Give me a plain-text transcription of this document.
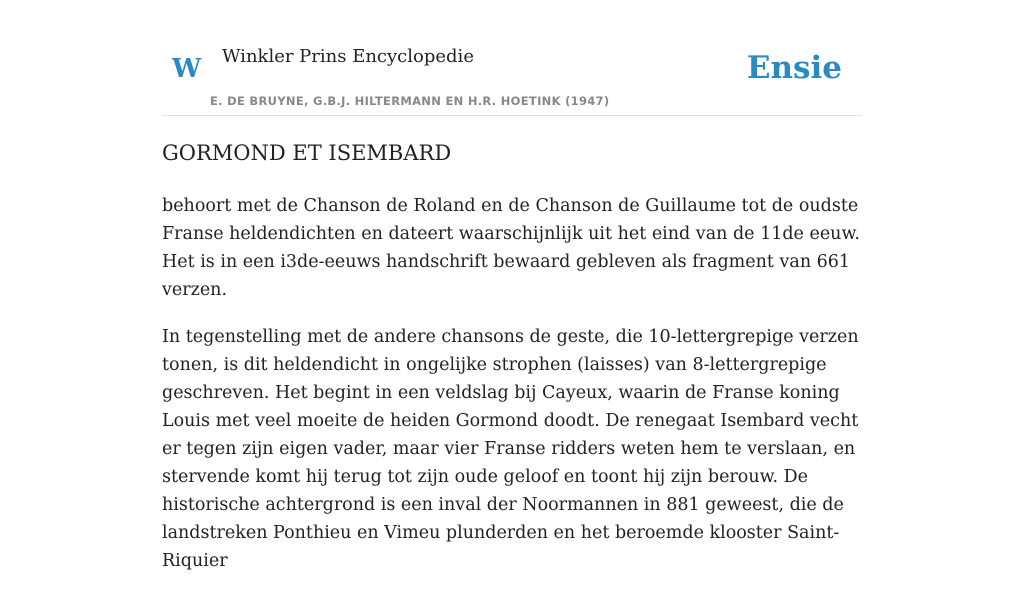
W Winkler Prins Encyclopedie
E. DE BRUYNE, G.B.J. HILTERMANN EN H.R. HOETINK (1947)
Ensie
GORMOND ET ISEMBARD

behoort met de Chanson de Roland en de Chanson de Guillaume tot de oudste Franse heldendichten en dateert waarschijnlijk uit het eind van de 11de eeuw. Het is in een i3de-eeuws handschrift bewaard gebleven als fragment van 661 verzen.

In tegenstelling met de andere chansons de geste, die 10-lettergrepige verzen tonen, is dit heldendicht in ongelijke strophen (laisses) van 8-lettergrepige geschreven. Het begint in een veldslag bij Cayeux, waarin de Franse koning Louis met veel moeite de heiden Gormond doodt. De renegaat Isembard vecht er tegen zijn eigen vader, maar vier Franse ridders weten hem te verslaan, en stervende komt hij terug tot zijn oude geloof en toont hij zijn berouw. De historische achtergrond is een inval der Noormannen in 881 geweest, die de landstreken Ponthieu en Vimeu plunderden en het beroemde klooster Saint-Riquier
